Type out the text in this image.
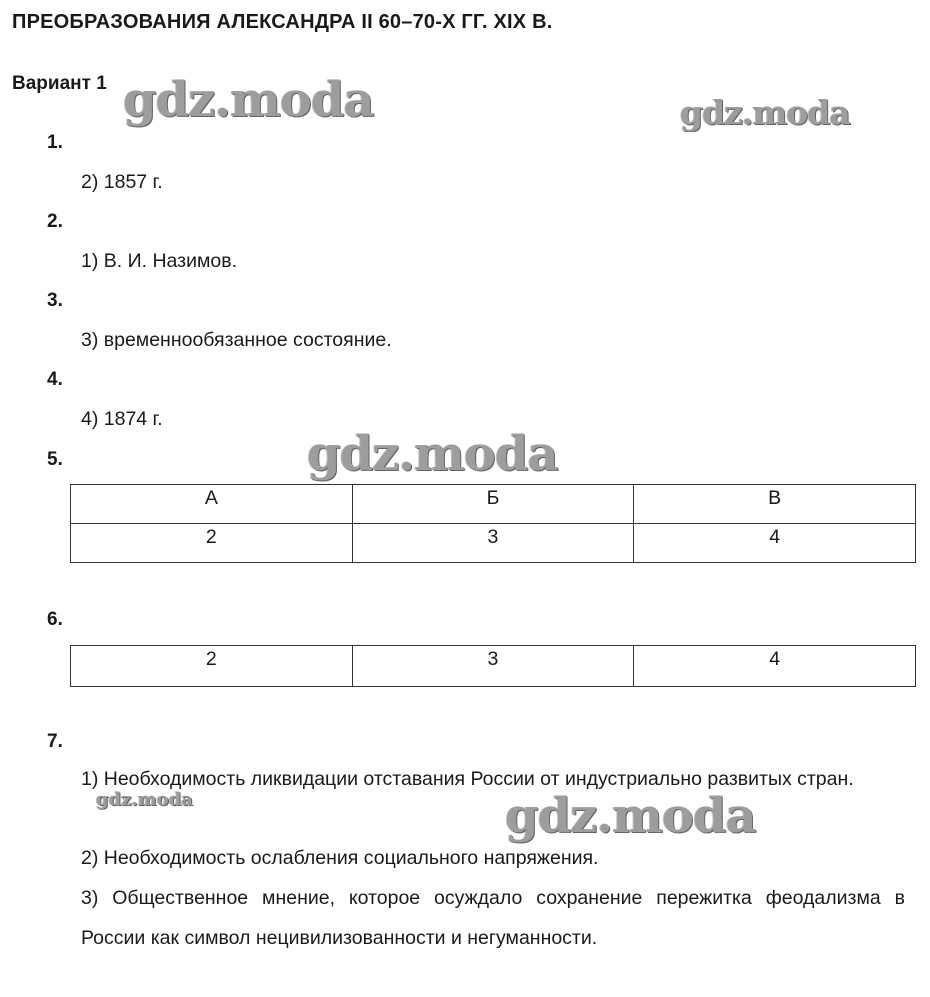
ПРЕОБРАЗОВАНИЯ АЛЕКСАНДРА II 60–70-Х ГГ. XIX В.
Вариант 1
1.
2) 1857 г.
2.
1) В. И. Назимов.
3.
3) временнообязанное состояние.
4.
4) 1874 г.
5.
А	Б	В
2	3	4
6.
2	3	4
7.
1) Необходимость ликвидации отставания России от индустриально развитых стран.
2) Необходимость ослабления социального напряжения.
3) Общественное мнение, которое осуждало сохранение пережитка феодализма в России как символ нецивилизованности и негуманности.
gdz.moda	gdz.moda
gdz.moda
gdz.moda	gdz.moda
